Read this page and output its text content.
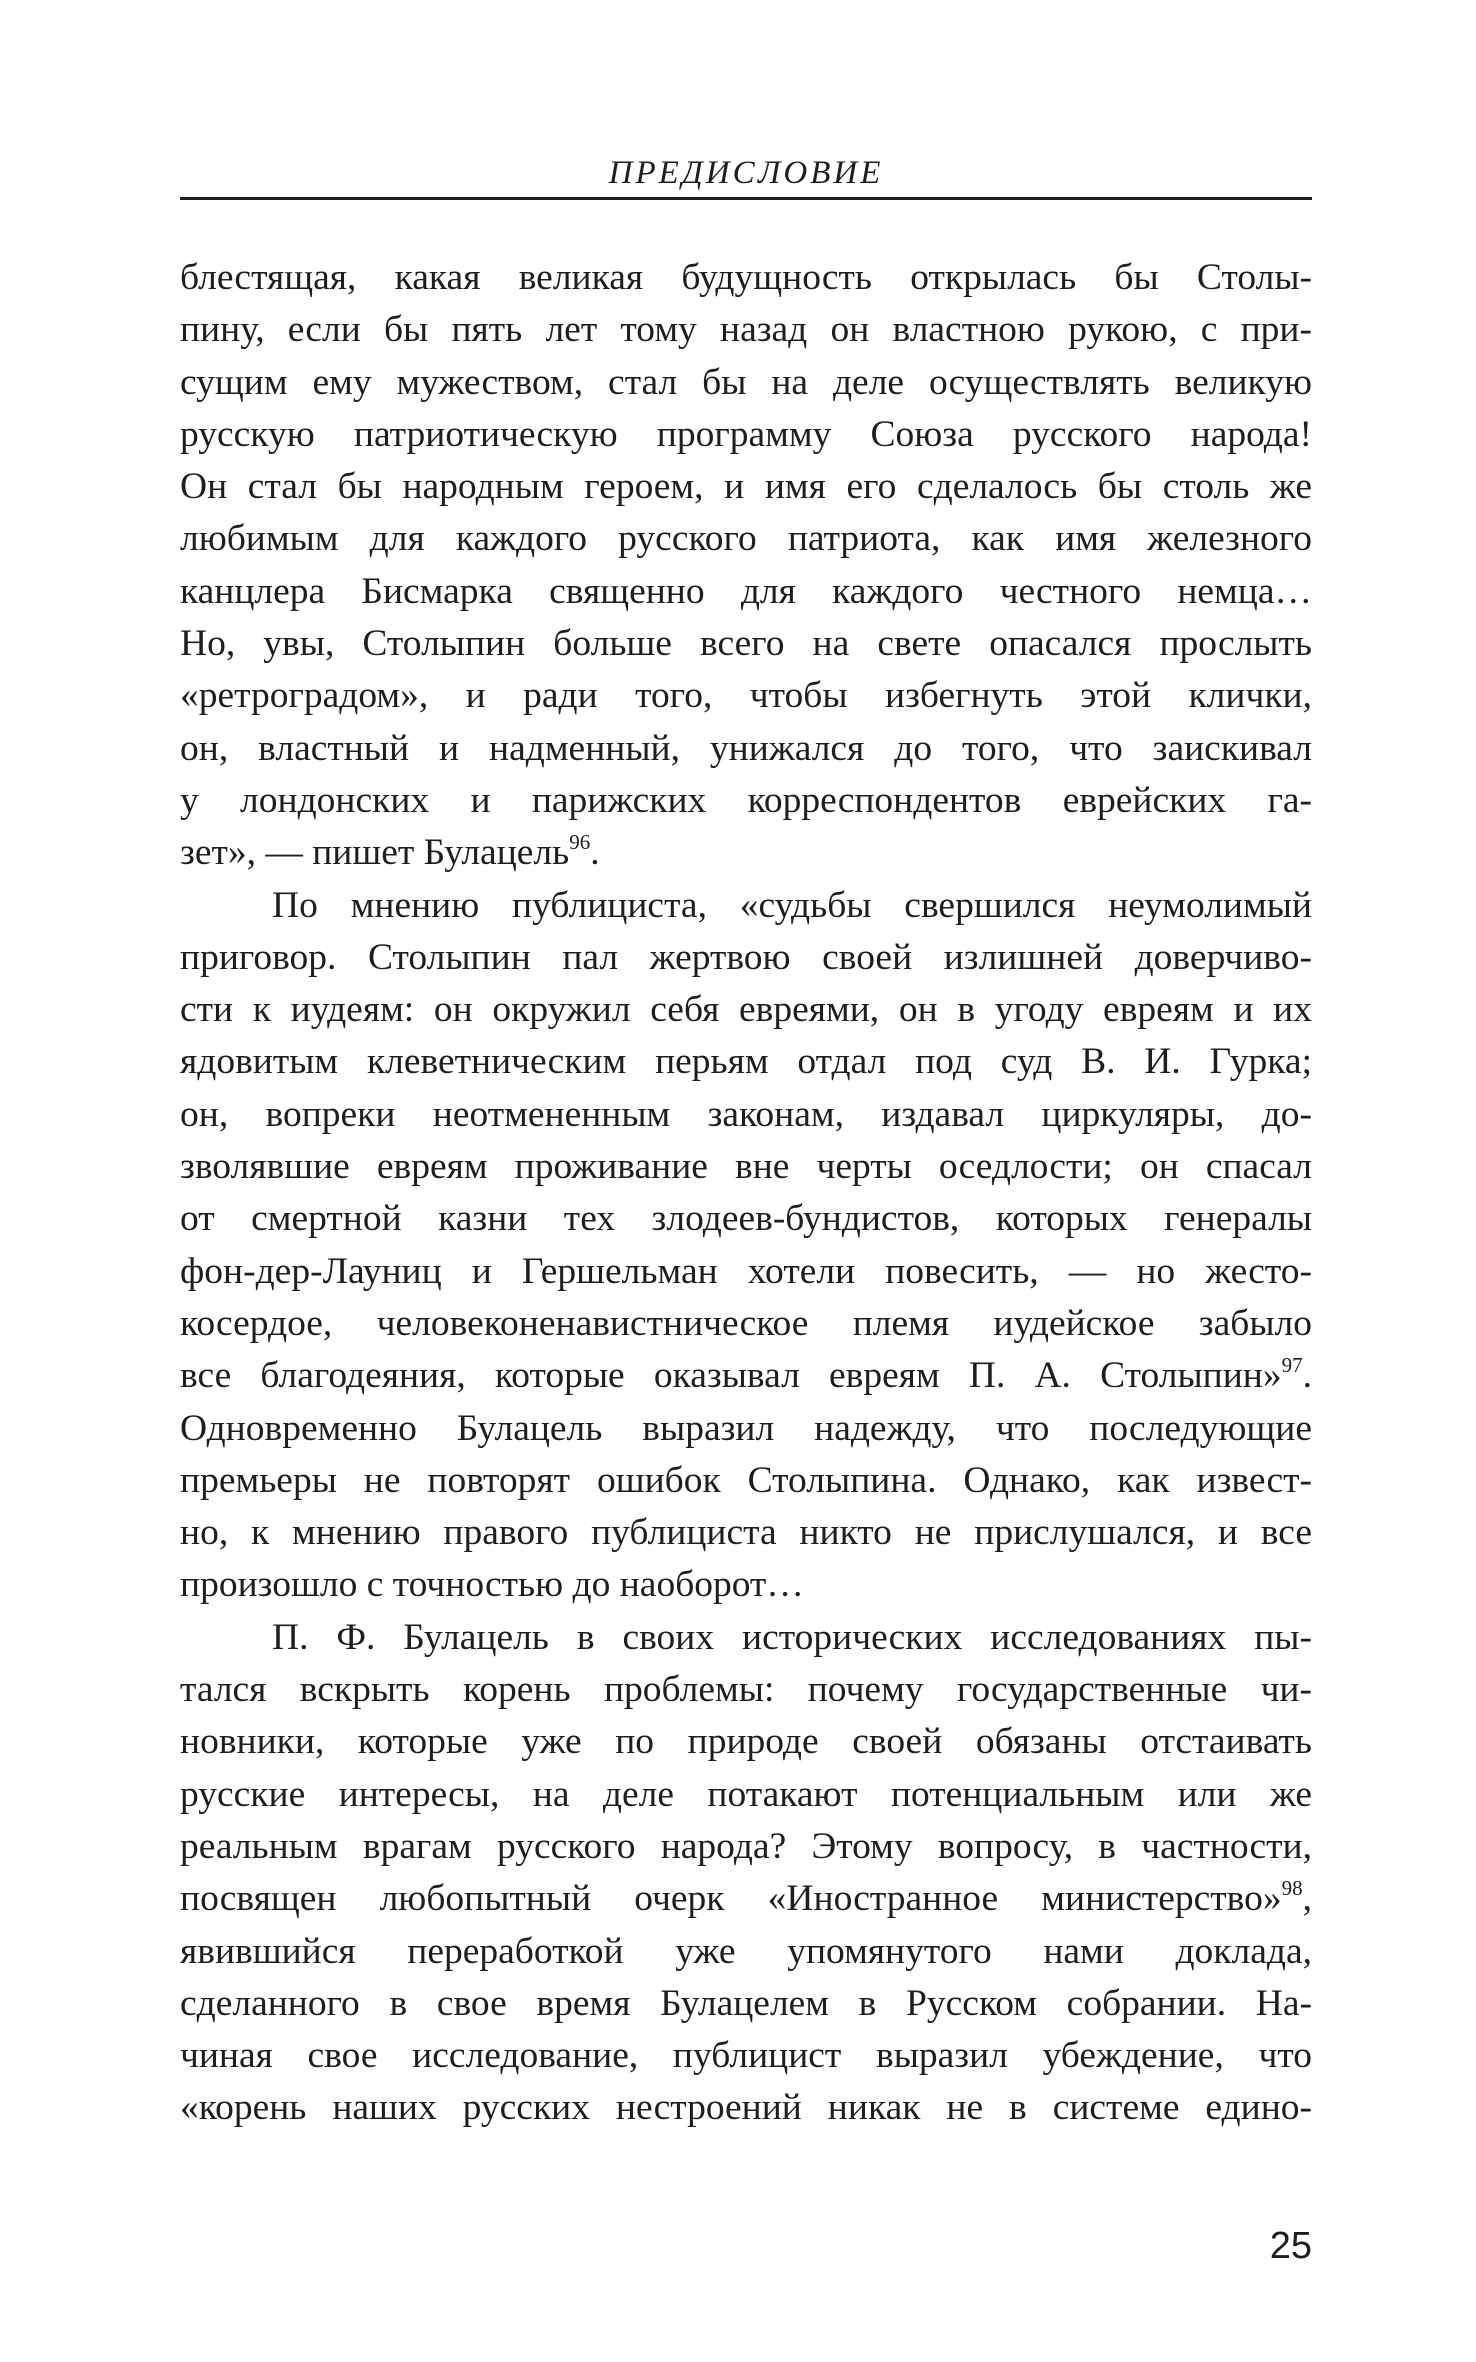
ПРЕДИСЛОВИЕ
блестящая, какая великая будущность открылась бы Столы-
пину, если бы пять лет тому назад он властною рукою, с при-
сущим ему мужеством, стал бы на деле осуществлять великую
русскую патриотическую программу Союза русского народа!
Он стал бы народным героем, и имя его сделалось бы столь же
любимым для каждого русского патриота, как имя железного
канцлера Бисмарка священно для каждого честного немца…
Но, увы, Столыпин больше всего на свете опасался прослыть
«ретроградом», и ради того, чтобы избегнуть этой клички,
он, властный и надменный, унижался до того, что заискивал
у лондонских и парижских корреспондентов еврейских га-
зет», — пишет Булацель$^{96}$.
По мнению публициста, «судьбы свершился неумолимый
приговор. Столыпин пал жертвою своей излишней доверчиво-
сти к иудеям: он окружил себя евреями, он в угоду евреям и их
ядовитым клеветническим перьям отдал под суд В. И. Гурка;
он, вопреки неотмененным законам, издавал циркуляры, до-
зволявшие евреям проживание вне черты оседлости; он спасал
от смертной казни тех злодеев-бундистов, которых генералы
фон-дер-Лауниц и Гершельман хотели повесить, — но жесто-
косердое, человеконенавистническое племя иудейское забыло
все благодеяния, которые оказывал евреям П. А. Столыпин»$^{97}$.
Одновременно Булацель выразил надежду, что последующие
премьеры не повторят ошибок Столыпина. Однако, как извест-
но, к мнению правого публициста никто не прислушался, и все
произошло с точностью до наоборот…
П. Ф. Булацель в своих исторических исследованиях пы-
тался вскрыть корень проблемы: почему государственные чи-
новники, которые уже по природе своей обязаны отстаивать
русские интересы, на деле потакают потенциальным или же
реальным врагам русского народа? Этому вопросу, в частности,
посвящен любопытный очерк «Иностранное министерство»$^{98}$,
явившийся переработкой уже упомянутого нами доклада,
сделанного в свое время Булацелем в Русском собрании. На-
чиная свое исследование, публицист выразил убеждение, что
«корень наших русских нестроений никак не в системе едино-
25
